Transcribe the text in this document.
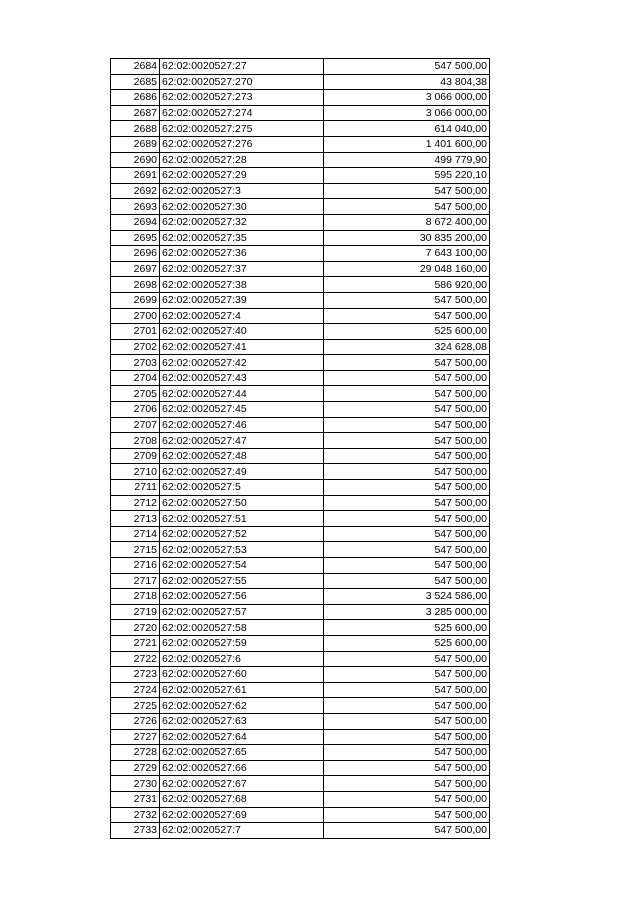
2684	62:02:0020527:27	547 500,00
2685	62:02:0020527:270	43 804,38
2686	62:02:0020527:273	3 066 000,00
2687	62:02:0020527:274	3 066 000,00
2688	62:02:0020527:275	614 040,00
2689	62:02:0020527:276	1 401 600,00
2690	62:02:0020527:28	499 779,90
2691	62:02:0020527:29	595 220,10
2692	62:02:0020527:3	547 500,00
2693	62:02:0020527:30	547 500,00
2694	62:02:0020527:32	8 672 400,00
2695	62:02:0020527:35	30 835 200,00
2696	62:02:0020527:36	7 643 100,00
2697	62:02:0020527:37	29 048 160,00
2698	62:02:0020527:38	586 920,00
2699	62:02:0020527:39	547 500,00
2700	62:02:0020527:4	547 500,00
2701	62:02:0020527:40	525 600,00
2702	62:02:0020527:41	324 628,08
2703	62:02:0020527:42	547 500,00
2704	62:02:0020527:43	547 500,00
2705	62:02:0020527:44	547 500,00
2706	62:02:0020527:45	547 500,00
2707	62:02:0020527:46	547 500,00
2708	62:02:0020527:47	547 500,00
2709	62:02:0020527:48	547 500,00
2710	62:02:0020527:49	547 500,00
2711	62:02:0020527:5	547 500,00
2712	62:02:0020527:50	547 500,00
2713	62:02:0020527:51	547 500,00
2714	62:02:0020527:52	547 500,00
2715	62:02:0020527:53	547 500,00
2716	62:02:0020527:54	547 500,00
2717	62:02:0020527:55	547 500,00
2718	62:02:0020527:56	3 524 586,00
2719	62:02:0020527:57	3 285 000,00
2720	62:02:0020527:58	525 600,00
2721	62:02:0020527:59	525 600,00
2722	62:02:0020527:6	547 500,00
2723	62:02:0020527:60	547 500,00
2724	62:02:0020527:61	547 500,00
2725	62:02:0020527:62	547 500,00
2726	62:02:0020527:63	547 500,00
2727	62:02:0020527:64	547 500,00
2728	62:02:0020527:65	547 500,00
2729	62:02:0020527:66	547 500,00
2730	62:02:0020527:67	547 500,00
2731	62:02:0020527:68	547 500,00
2732	62:02:0020527:69	547 500,00
2733	62:02:0020527:7	547 500,00
